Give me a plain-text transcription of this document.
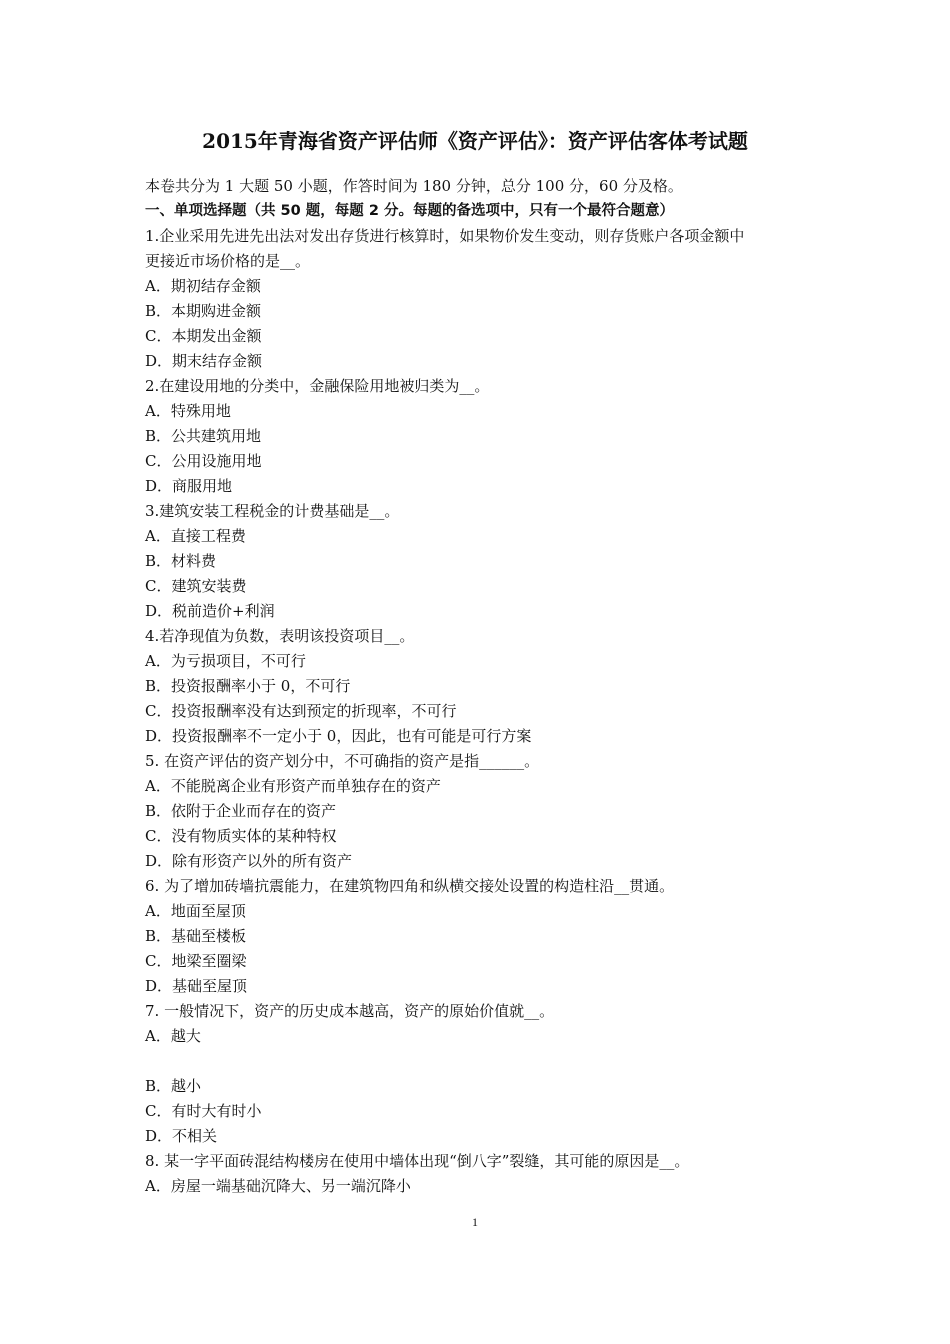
2015年青海省资产评估师《资产评估》：资产评估客体考试题
本卷共分为 1 大题 50 小题，作答时间为 180 分钟，总分 100 分，60 分及格。
一、单项选择题（共 50 题，每题 2 分。每题的备选项中，只有一个最符合题意）
1.企业采用先进先出法对发出存货进行核算时，如果物价发生变动，则存货账户各项金额中
更接近市场价格的是__。
A．期初结存金额
B．本期购进金额
C．本期发出金额
D．期末结存金额
2.在建设用地的分类中，金融保险用地被归类为__。
A．特殊用地
B．公共建筑用地
C．公用设施用地
D．商服用地
3.建筑安装工程税金的计费基础是__。
A．直接工程费
B．材料费
C．建筑安装费
D．税前造价+利润
4.若净现值为负数，表明该投资项目__。
A．为亏损项目，不可行
B．投资报酬率小于 0，不可行
C．投资报酬率没有达到预定的折现率，不可行
D．投资报酬率不一定小于 0，因此，也有可能是可行方案
5. 在资产评估的资产划分中，不可确指的资产是指______。
A．不能脱离企业有形资产而单独存在的资产
B．依附于企业而存在的资产
C．没有物质实体的某种特权
D．除有形资产以外的所有资产
6. 为了增加砖墙抗震能力，在建筑物四角和纵横交接处设置的构造柱沿__贯通。
A．地面至屋顶
B．基础至楼板
C．地梁至圈梁
D．基础至屋顶
7. 一般情况下，资产的历史成本越高，资产的原始价值就__。
A．越大
B．越小
C．有时大有时小
D．不相关
8. 某一字平面砖混结构楼房在使用中墙体出现“倒八字”裂缝，其可能的原因是__。
A．房屋一端基础沉降大、另一端沉降小
1
